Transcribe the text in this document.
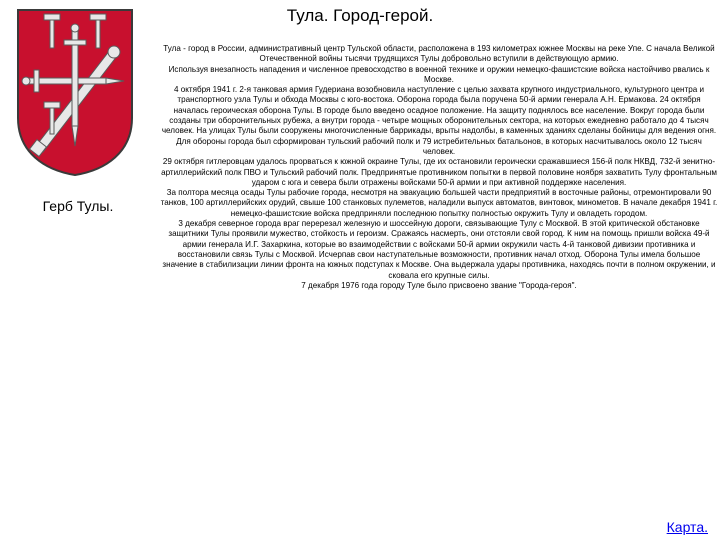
Тула. Город-герой.
Герб Тулы.

Тула - город в России, административный центр Тульской области, расположена в 193 километрах южнее Москвы на реке Упе. С начала Великой Отечественной войны тысячи трудящихся Тулы добровольно вступили в действующую армию.

Используя внезапность нападения и численное превосходство в военной технике и оружии немецко-фашистские войска настойчиво рвались к Москве.

4 октября 1941 г. 2-я танковая армия Гудериана возобновила наступление с целью захвата крупного индустриального, культурного центра и транспортного узла Тулы и обхода Москвы с юго-востока. Оборона города была поручена 50-й армии генерала А.Н. Ермакова. 24 октября началась героическая оборона Тулы. В городе было введено осадное положение. На защиту поднялось все население. Вокруг города были созданы три оборонительных рубежа, а внутри города - четыре мощных оборонительных сектора, на которых ежедневно работало до 4 тысяч человек. На улицах Тулы были сооружены многочисленные баррикады, врыты надолбы, в каменных зданиях сделаны бойницы для ведения огня. Для обороны города был сформирован тульский рабочий полк и 79 истребительных батальонов, в которых насчитывалось около 12 тысяч человек.

29 октября гитлеровцам удалось прорваться к южной окраине Тулы, где их остановили героически сражавшиеся 156-й полк НКВД, 732-й зенитно-артиллерийский полк ПВО и Тульский рабочий полк. Предпринятые противником попытки в первой половине ноября захватить Тулу фронтальным ударом с юга и севера были отражены войсками 50-й армии и при активной поддержке населения.

За полтора месяца осады Тулы рабочие города, несмотря на эвакуацию большей части предприятий в восточные районы, отремонтировали 90 танков, 100 артиллерийских орудий, свыше 100 станковых пулеметов, наладили выпуск автоматов, винтовок, минометов. В начале декабря 1941 г. немецко-фашистские войска предприняли последнюю попытку полностью окружить Тулу и овладеть городом.

3 декабря северное города враг перерезал железную и шоссейную дороги, связывающие Тулу с Москвой. В этой критической обстановке защитники Тулы проявили мужество, стойкость и героизм. Сражаясь насмерть, они отстояли свой город. К ним на помощь пришли войска 49-й армии генерала И.Г. Захаркина, которые во взаимодействии с войсками 50-й армии окружили часть 4-й танковой дивизии противника и восстановили связь Тулы с Москвой. Исчерпав свои наступательные возможности, противник начал отход. Оборона Тулы имела большое значение в стабилизации линии фронта на южных подступах к Москве. Она выдержала удары противника, находясь почти в полном окружении, и сковала его крупные силы.

7 декабря 1976 года городу Туле было присвоено звание "Города-героя".

Карта.
